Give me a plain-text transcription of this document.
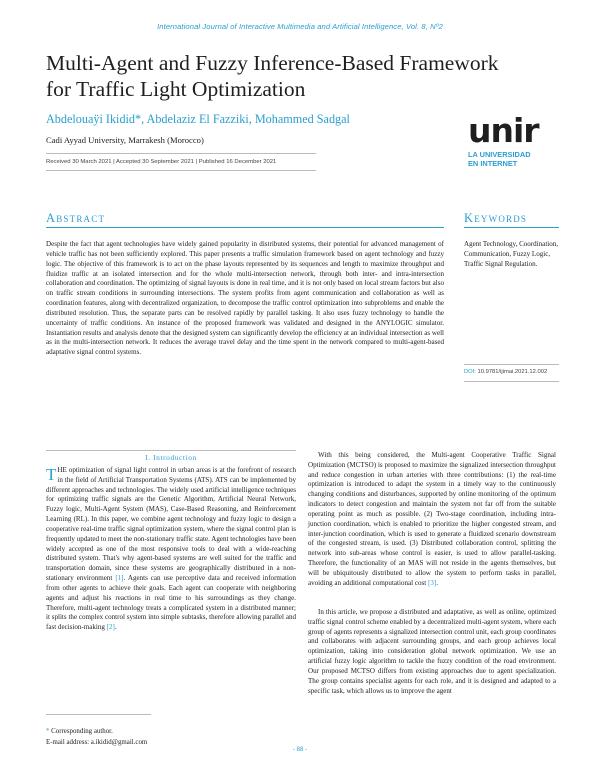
International Journal of Interactive Multimedia and Artificial Intelligence, Vol. 8, Nº2
Multi-Agent and Fuzzy Inference-Based Framework for Traffic Light Optimization
Abdelouaÿi Ikidid*, Abdelaziz El Fazziki, Mohammed Sadgal
Cadi Ayyad University, Marrakesh (Morocco)
Received 30 March 2021 | Accepted 30 September 2021 | Published 16 December 2021
unir
LA UNIVERSIDAD
EN INTERNET
Abstract
Despite the fact that agent technologies have widely gained popularity in distributed systems, their potential for advanced management of vehicle traffic has not been sufficiently explored. This paper presents a traffic simulation framework based on agent technology and fuzzy logic. The objective of this framework is to act on the phase layouts represented by its sequences and length to maximize throughput and fluidize traffic at an isolated intersection and for the whole multi-intersection network, through both inter- and intra-intersection collaboration and coordination. The optimizing of signal layouts is done in real time, and it is not only based on local stream factors but also on traffic stream conditions in surrounding intersections. The system profits from agent communication and collaboration as well as coordination features, along with decentralized organization, to decompose the traffic control optimization into subproblems and enable the distributed resolution. Thus, the separate parts can be resolved rapidly by parallel tasking. It also uses fuzzy technology to handle the uncertainty of traffic conditions. An instance of the proposed framework was validated and designed in the ANYLOGIC simulator. Instantiation results and analysis denote that the designed system can significantly develop the efficiency at an individual intersection as well as in the multi-intersection network. It reduces the average travel delay and the time spent in the network compared to multi-agent-based adaptative signal control systems.
Keywords
Agent Technology, Coordination, Communication, Fuzzy Logic, Traffic Signal Regulation.
DOI: 10.9781/ijimai.2021.12.002
I. Introduction
THE optimization of signal light control in urban areas is at the forefront of research in the field of Artificial Transportation Systems (ATS). ATS can be implemented by different approaches and technologies. The widely used artificial intelligence techniques for optimizing traffic signals are the Genetic Algorithm, Artificial Neural Network, Fuzzy logic, Multi-Agent System (MAS), Case-Based Reasoning, and Reinforcement Learning (RL). In this paper, we combine agent technology and fuzzy logic to design a cooperative real-time traffic signal optimization system, where the signal control plan is frequently updated to meet the non-stationary traffic state. Agent technologies have been widely accepted as one of the most responsive tools to deal with a wide-reaching distributed system. That's why agent-based systems are well suited for the traffic and transportation domain, since these systems are geographically distributed in a non-stationary environment [1]. Agents can use perceptive data and received information from other agents to achieve their goals. Each agent can cooperate with neighboring agents and adjust his reactions in real time to his surroundings as they change. Therefore, multi-agent technology treats a complicated system in a distributed manner; it splits the complex control system into simple subtasks, therefore allowing parallel and fast decision-making [2].
* Corresponding author.
E-mail address: a.ikidid@gmail.com
With this being considered, the Multi-agent Cooperative Traffic Signal Optimization (MCTSO) is proposed to maximize the signalized intersection throughput and reduce congestion in urban arteries with three contributions: (1) the real-time optimization is introduced to adapt the system in a timely way to the continuously changing conditions and disturbances, supported by online monitoring of the optimum indicators to detect congestion and maintain the system not far off from the suitable operating point as much as possible. (2) Two-stage coordination, including intra-junction coordination, which is enabled to prioritize the higher congested stream, and inter-junction coordination, which is used to generate a fluidized scenario downstream of the congested stream, is used. (3) Distributed collaboration control, splitting the network into sub-areas whose control is easier, is used to allow parallel-tasking. Therefore, the functionality of an MAS will not reside in the agents themselves, but will be ubiquitously distributed to allow the system to perform tasks in parallel, avoiding an additional computational cost [3].
In this article, we propose a distributed and adaptative, as well as online, optimized traffic signal control scheme enabled by a decentralized multi-agent system, where each group of agents represents a signalized intersection control unit, each group coordinates and collaborates with adjacent surrounding groups, and each group achieves local optimization, taking into consideration global network optimization. We use an artificial fuzzy logic algorithm to tackle the fuzzy condition of the road environment. Our proposed MCTSO differs from existing approaches due to agent specialization. The group contains specialist agents for each role, and it is designed and adapted to a specific task, which allows us to improve the agent
- 88 -
